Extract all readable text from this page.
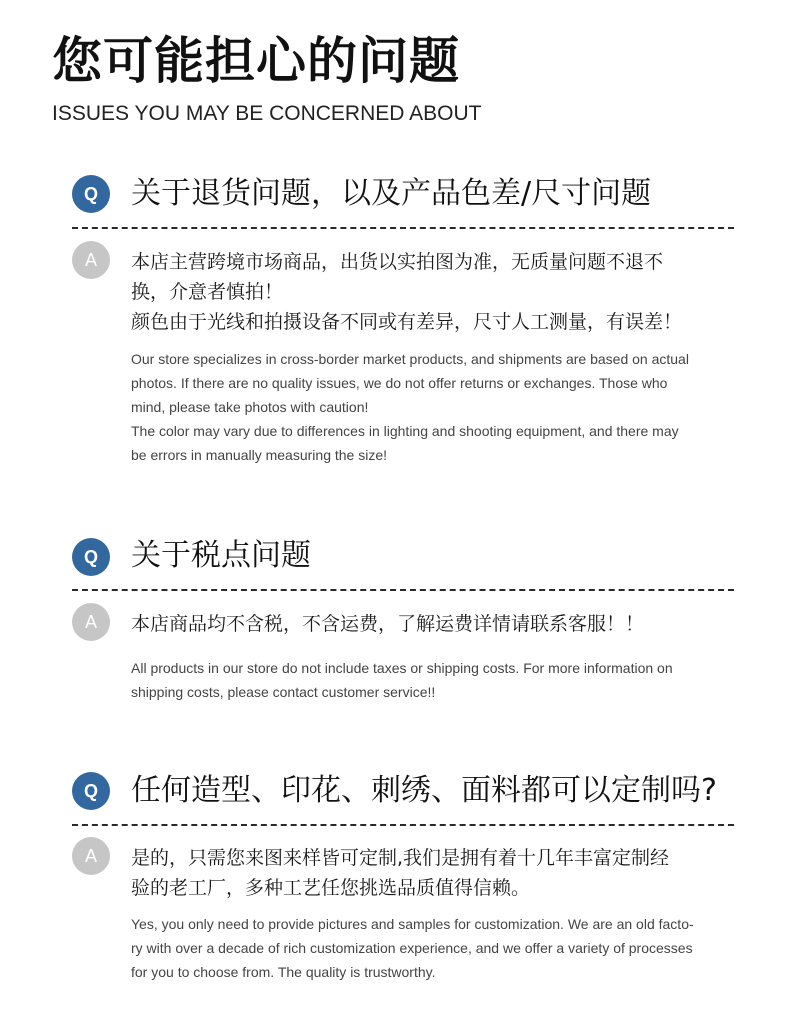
您可能担心的问题
ISSUES YOU MAY BE CONCERNED ABOUT
Q	关于退货问题，以及产品色差/尺寸问题
A	本店主营跨境市场商品，出货以实拍图为准，无质量问题不退不
换，介意者慎拍！
颜色由于光线和拍摄设备不同或有差异，尺寸人工测量，有误差！
Our store specializes in cross-border market products, and shipments are based on actual
photos. If there are no quality issues, we do not offer returns or exchanges. Those who
mind, please take photos with caution!
The color may vary due to differences in lighting and shooting equipment, and there may
be errors in manually measuring the size!
Q	关于税点问题
A	本店商品均不含税，不含运费，了解运费详情请联系客服！！
All products in our store do not include taxes or shipping costs. For more information on
shipping costs, please contact customer service!!
Q	任何造型、印花、刺绣、面料都可以定制吗?
A	是的，只需您来图来样皆可定制,我们是拥有着十几年丰富定制经
验的老工厂，多种工艺任您挑选品质值得信赖。
Yes, you only need to provide pictures and samples for customization. We are an old facto-
ry with over a decade of rich customization experience, and we offer a variety of processes
for you to choose from. The quality is trustworthy.
